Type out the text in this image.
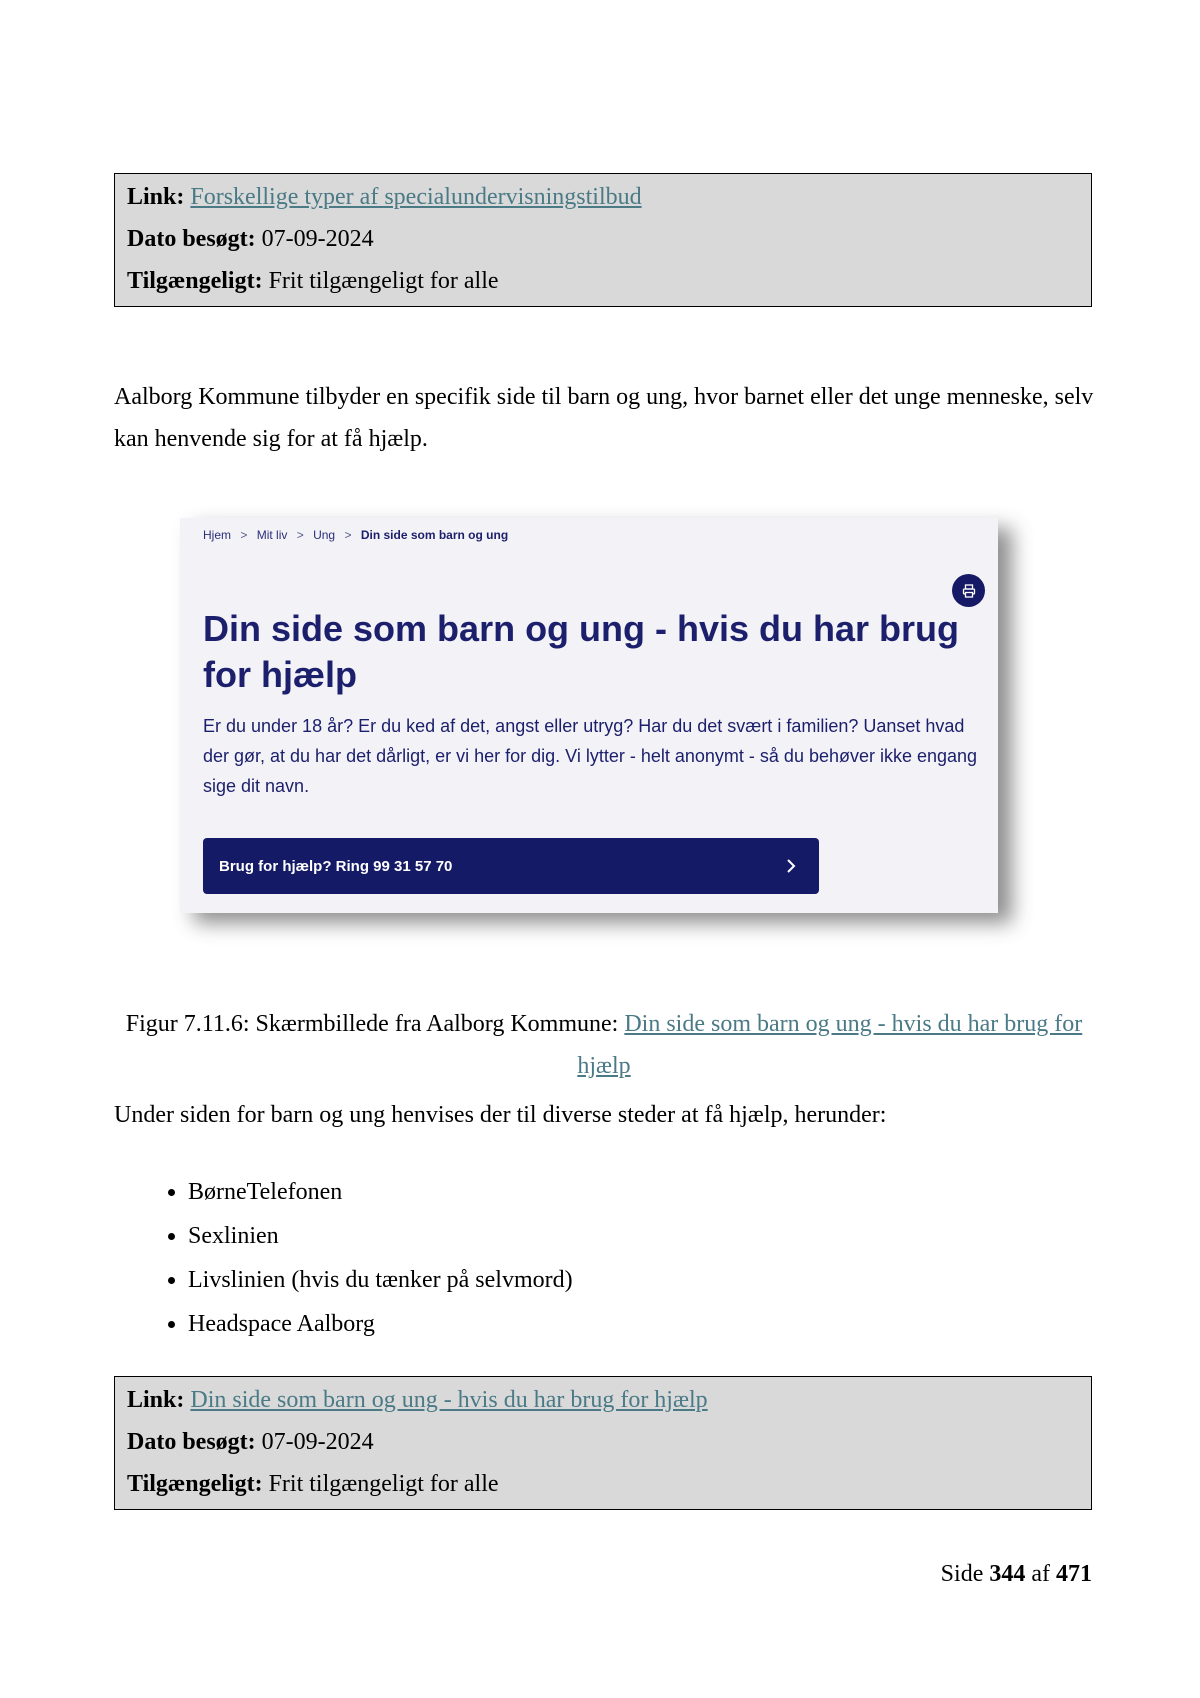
Link: Forskellige typer af specialundervisningstilbud
Dato besøgt: 07-09-2024
Tilgængeligt: Frit tilgængeligt for alle

Aalborg Kommune tilbyder en specifik side til barn og ung, hvor barnet eller det unge menneske, selv kan henvende sig for at få hjælp.

Hjem > Mit liv > Ung > Din side som barn og ung
Din side som barn og ung - hvis du har brug for hjælp

Er du under 18 år? Er du ked af det, angst eller utryg? Har du det svært i familien? Uanset hvad der gør, at du har det dårligt, er vi her for dig. Vi lytter - helt anonymt - så du behøver ikke engang sige dit navn.

Brug for hjælp? Ring 99 31 57 70
Figur 7.11.6: Skærmbillede fra Aalborg Kommune: Din side som barn og ung - hvis du har brug for hjælp

Under siden for barn og ung henvises der til diverse steder at få hjælp, herunder:

• BørneTelefonen
• Sexlinien
• Livslinien (hvis du tænker på selvmord)
• Headspace Aalborg
Link: Din side som barn og ung - hvis du har brug for hjælp
Dato besøgt: 07-09-2024
Tilgængeligt: Frit tilgængeligt for alle
Side 344 af 471
